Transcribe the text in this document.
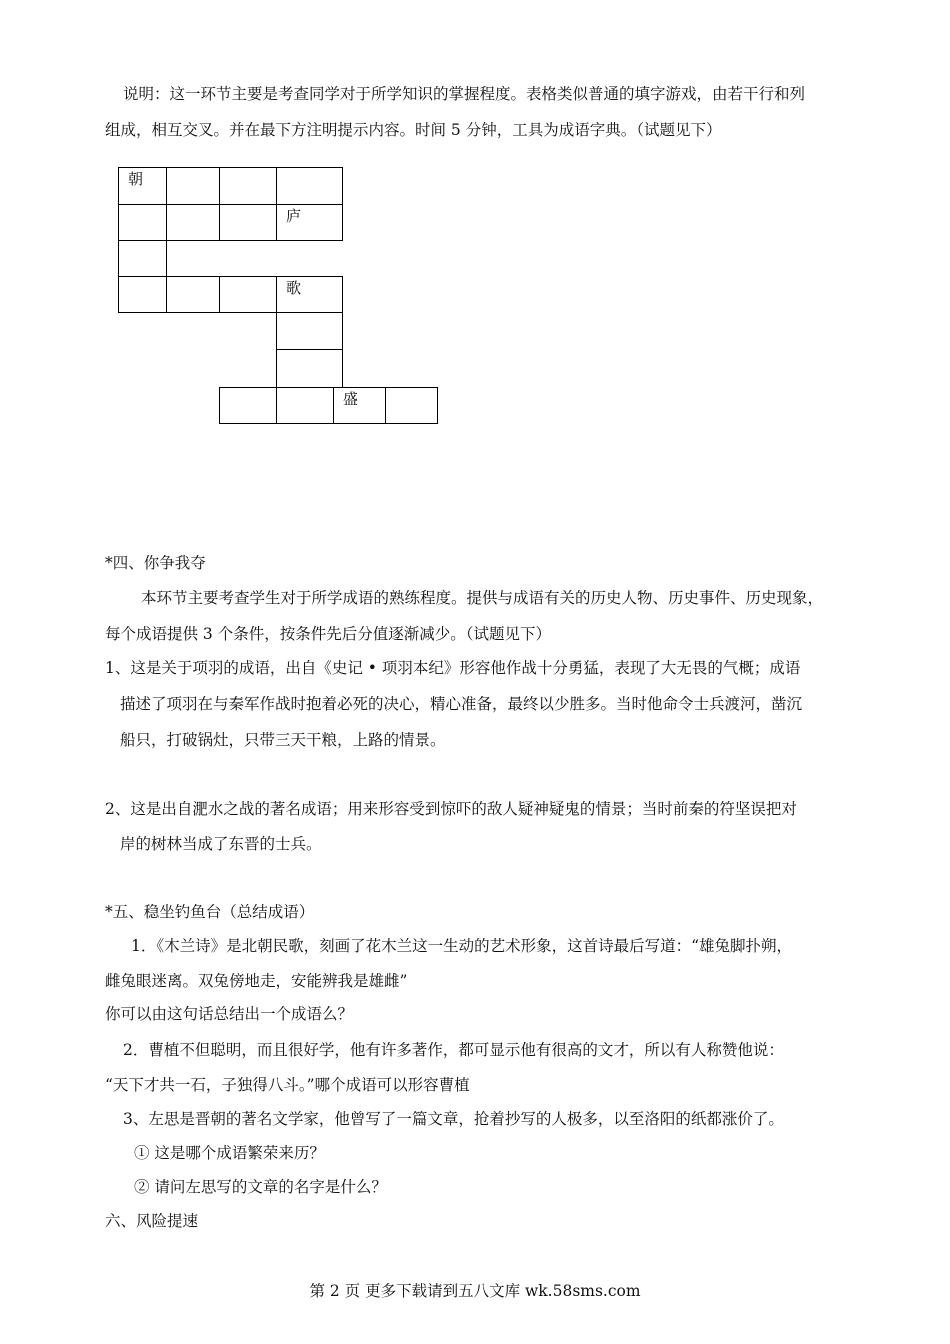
说明：这一环节主要是考查同学对于所学知识的掌握程度。表格类似普通的填字游戏，由若干行和列
组成，相互交叉。并在最下方注明提示内容。时间 5 分钟，工具为成语字典。（试题见下）
朝
庐
歌
盛
*四、你争我夺
本环节主要考查学生对于所学成语的熟练程度。提供与成语有关的历史人物、历史事件、历史现象，
每个成语提供 3 个条件，按条件先后分值逐渐减少。（试题见下）
1、这是关于项羽的成语，出自《史记 • 项羽本纪》形容他作战十分勇猛，表现了大无畏的气概；成语
描述了项羽在与秦军作战时抱着必死的决心，精心准备，最终以少胜多。当时他命令士兵渡河，凿沉
船只，打破锅灶，只带三天干粮，上路的情景。
2、这是出自淝水之战的著名成语；用来形容受到惊吓的敌人疑神疑鬼的情景；当时前秦的符坚误把对
岸的树林当成了东晋的士兵。
*五、稳坐钓鱼台（总结成语）
1．《木兰诗》是北朝民歌，刻画了花木兰这一生动的艺术形象，这首诗最后写道：“雄兔脚扑朔，
雌兔眼迷离。双兔傍地走，安能辨我是雄雌”
你可以由这句话总结出一个成语么？
2．曹植不但聪明，而且很好学，他有许多著作，都可显示他有很高的文才，所以有人称赞他说：
“天下才共一石，子独得八斗。”哪个成语可以形容曹植
3、左思是晋朝的著名文学家，他曾写了一篇文章，抢着抄写的人极多，以至洛阳的纸都涨价了。
① 这是哪个成语繁荣来历？
② 请问左思写的文章的名字是什么？
六、风险提速
第 2 页 更多下载请到五八文库 wk.58sms.com
